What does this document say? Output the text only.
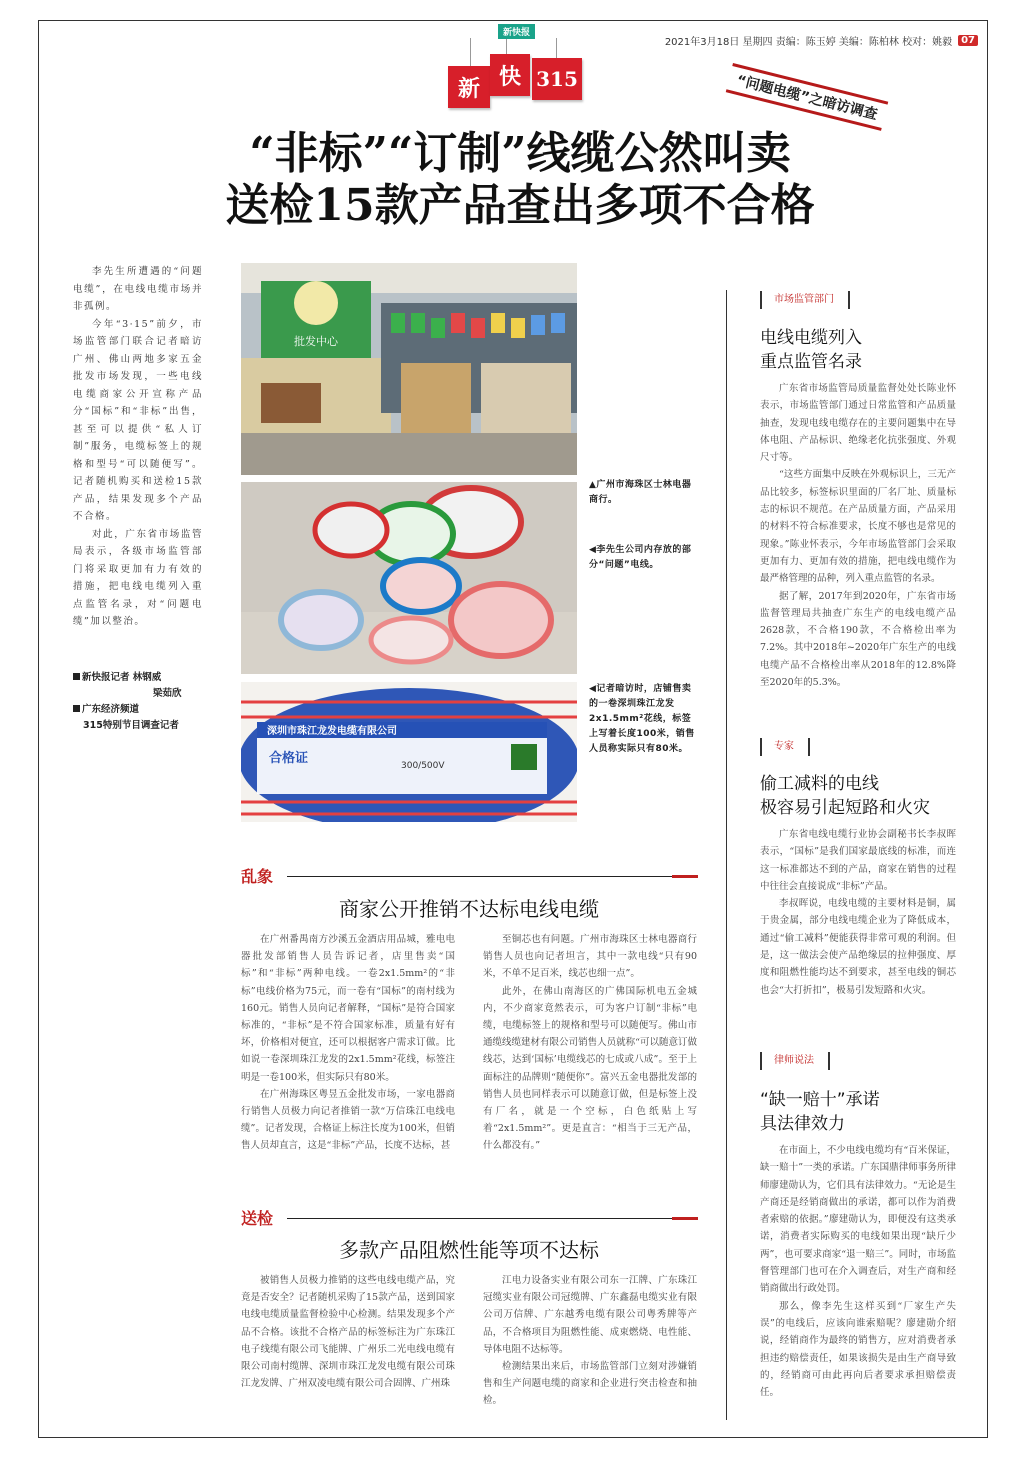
2021年3月18日 星期四 责编：陈玉婷 美编：陈柏林 校对：姚毅 07
新快报
新 快 315	“问题电缆”之暗访调查
“非标”“订制”线缆公然叫卖
送检15款产品查出多项不合格

李先生所遭遇的“问题电缆”，在电线电缆市场并非孤例。

今年“3·15”前夕，市场监管部门联合记者暗访广州、佛山两地多家五金批发市场发现，一些电线电缆商家公开宣称产品分“国标”和“非标”出售，甚至可以提供“私人订制”服务，电缆标签上的规格和型号“可以随便写”。记者随机购买和送检15款产品，结果发现多个产品不合格。

对此，广东省市场监管局表示，各级市场监管部门将采取更加有力有效的措施，把电线电缆列入重点监管名录，对“问题电缆”加以整治。

新快报记者 林钢威
梁茹欣
广东经济频道
315特别节目调查记者
批发中心
深圳市珠江龙发电缆有限公司
合格证	300/500V
▲广州市海珠区士林电器商行。
◀李先生公司内存放的部分“问题”电线。
◀记者暗访时，店铺售卖的一卷深圳珠江龙发2x1.5mm²花线，标签上写着长度100米，销售人员称实际只有80米。
乱象
商家公开推销不达标电线电缆

在广州番禺南方沙溪五金酒店用品城，雅电电器批发部销售人员告诉记者，店里售卖“国标”和“非标”两种电线。一卷2x1.5mm²的“非标”电线价格为75元，而一卷有“国标”的南村线为160元。销售人员向记者解释，“国标”是符合国家标准的，“非标”是不符合国家标准，质量有好有坏，价格相对便宜，还可以根据客户需求订做。比如说一卷深圳珠江龙发的2x1.5mm²花线，标签注明是一卷100米，但实际只有80米。

在广州海珠区粤昱五金批发市场，一家电器商行销售人员极力向记者推销一款“万信珠江电线电缆”。记者发现，合格证上标注长度为100米，但销售人员却直言，这是“非标”产品，长度不达标，甚

至铜芯也有问题。广州市海珠区士林电器商行销售人员也向记者坦言，其中一款电线“只有90米，不单不足百米，线芯也细一点”。

此外，在佛山南海区的广佛国际机电五金城内，不少商家竟然表示，可为客户订制“非标”电缆，电缆标签上的规格和型号可以随便写。佛山市通缆线缆建材有限公司销售人员就称“可以随意订做线芯，达到‘国标’电缆线芯的七成或八成”。至于上面标注的品牌则“随便你”。富兴五金电器批发部的销售人员也同样表示可以随意订做，但是标签上没有厂名，就是一个空标，白色纸贴上写着“2x1.5mm²”。更是直言：“相当于三无产品，什么都没有。”

送检
多款产品阻燃性能等项不达标

被销售人员极力推销的这些电线电缆产品，究竟是否安全？记者随机采购了15款产品，送到国家电线电缆质量监督检验中心检测。结果发现多个产品不合格。该批不合格产品的标签标注为广东珠江电子线缆有限公司飞能牌、广州乐二光电线电缆有限公司南村缆牌、深圳市珠江龙发电缆有限公司珠江龙发牌、广州双凌电缆有限公司合固牌、广州珠

江电力设备实业有限公司东一江牌、广东珠江冠缆实业有限公司冠缆牌、广东鑫磊电缆实业有限公司万信牌、广东越秀电缆有限公司粤秀牌等产品，不合格项目为阻燃性能、成束燃烧、电性能、导体电阻不达标等。

检测结果出来后，市场监管部门立刻对涉嫌销售和生产问题电缆的商家和企业进行突击检查和抽检。

市场监管部门
电线电缆列入
重点监管名录

广东省市场监管局质量监督处处长陈业怀表示，市场监管部门通过日常监管和产品质量抽查，发现电线电缆存在的主要问题集中在导体电阻、产品标识、绝缘老化抗张强度、外观尺寸等。

“这些方面集中反映在外观标识上，三无产品比较多，标签标识里面的厂名厂址、质量标志的标识不规范。在产品质量方面，产品采用的材料不符合标准要求，长度不够也是常见的现象。”陈业怀表示，今年市场监管部门会采取更加有力、更加有效的措施，把电线电缆作为最严格管理的品种，列入重点监管的名录。

据了解，2017年到2020年，广东省市场监督管理局共抽查广东生产的电线电缆产品2628款，不合格190款，不合格检出率为7.2%。其中2018年~2020年广东生产的电线电缆产品不合格检出率从2018年的12.8%降至2020年的5.3%。

专家
偷工减料的电线
极容易引起短路和火灾

广东省电线电缆行业协会副秘书长李叔晖表示，“国标”是我们国家最底线的标准，而连这一标准都达不到的产品，商家在销售的过程中往往会直接说成“非标”产品。

李叔晖说，电线电缆的主要材料是铜，属于贵金属，部分电线电缆企业为了降低成本，通过“偷工减料”便能获得非常可观的利润。但是，这一做法会使产品绝缘层的拉伸强度、厚度和阻燃性能均达不到要求，甚至电线的铜芯也会“大打折扣”，极易引发短路和火灾。

律师说法
“缺一赔十”承诺
具法律效力

在市面上，不少电线电缆均有“百米保证，缺一赔十”一类的承诺。广东国鼎律师事务所律师廖建勋认为，它们具有法律效力。“无论是生产商还是经销商做出的承诺，都可以作为消费者索赔的依据。”廖建勋认为，即便没有这类承诺，消费者实际购买的电线如果出现“缺斤少两”，也可要求商家“退一赔三”。同时，市场监督管理部门也可在介入调查后，对生产商和经销商做出行政处罚。

那么，像李先生这样买到“厂家生产失误”的电线后，应该向谁索赔呢？廖建勋介绍说，经销商作为最终的销售方，应对消费者承担违约赔偿责任，如果该损失是由生产商导致的，经销商可由此再向后者要求承担赔偿责任。
